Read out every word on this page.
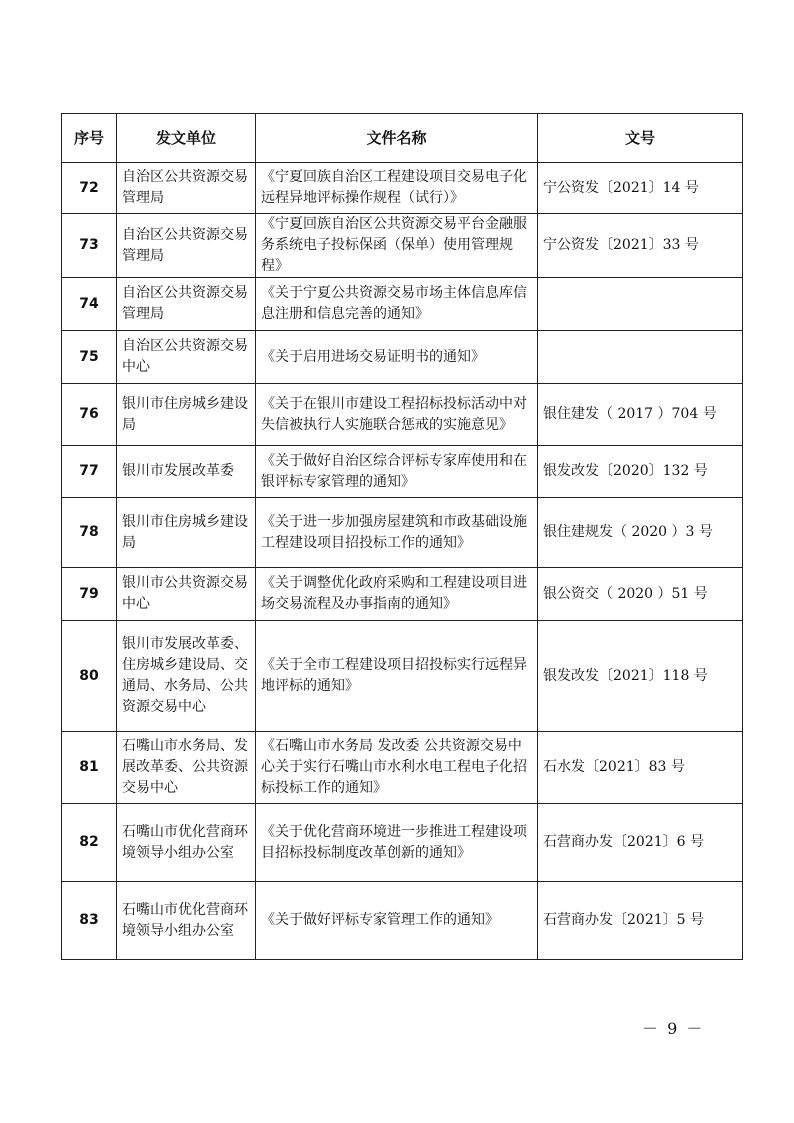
序号	发文单位	文件名称	文号
72	自治区公共资源交易管理局	《宁夏回族自治区工程建设项目交易电子化远程异地评标操作规程（试行）》	宁公资发〔2021〕14 号
73	自治区公共资源交易管理局	《宁夏回族自治区公共资源交易平台金融服务系统电子投标保函（保单）使用管理规程》	宁公资发〔2021〕33 号
74	自治区公共资源交易管理局	《关于宁夏公共资源交易市场主体信息库信息注册和信息完善的通知》	
75	自治区公共资源交易中心	《关于启用进场交易证明书的通知》	
76	银川市住房城乡建设局	《关于在银川市建设工程招标投标活动中对失信被执行人实施联合惩戒的实施意见》	银住建发（ 2017 ）704 号
77	银川市发展改革委	《关于做好自治区综合评标专家库使用和在银评标专家管理的通知》	银发改发〔2020〕132 号
78	银川市住房城乡建设局	《关于进一步加强房屋建筑和市政基础设施工程建设项目招投标工作的通知》	银住建规发（ 2020 ）3 号
79	银川市公共资源交易中心	《关于调整优化政府采购和工程建设项目进场交易流程及办事指南的通知》	银公资交（ 2020 ）51 号
80	银川市发展改革委、住房城乡建设局、交通局、水务局、公共资源交易中心	《关于全市工程建设项目招投标实行远程异地评标的通知》	银发改发〔2021〕118 号
81	石嘴山市水务局、发展改革委、公共资源交易中心	《石嘴山市水务局 发改委 公共资源交易中心关于实行石嘴山市水利水电工程电子化招标投标工作的通知》	石水发〔2021〕83 号
82	石嘴山市优化营商环境领导小组办公室	《关于优化营商环境进一步推进工程建设项目招标投标制度改革创新的通知》	石营商办发〔2021〕6 号
83	石嘴山市优化营商环境领导小组办公室	《关于做好评标专家管理工作的通知》	石营商办发〔2021〕5 号
－ 9 －
